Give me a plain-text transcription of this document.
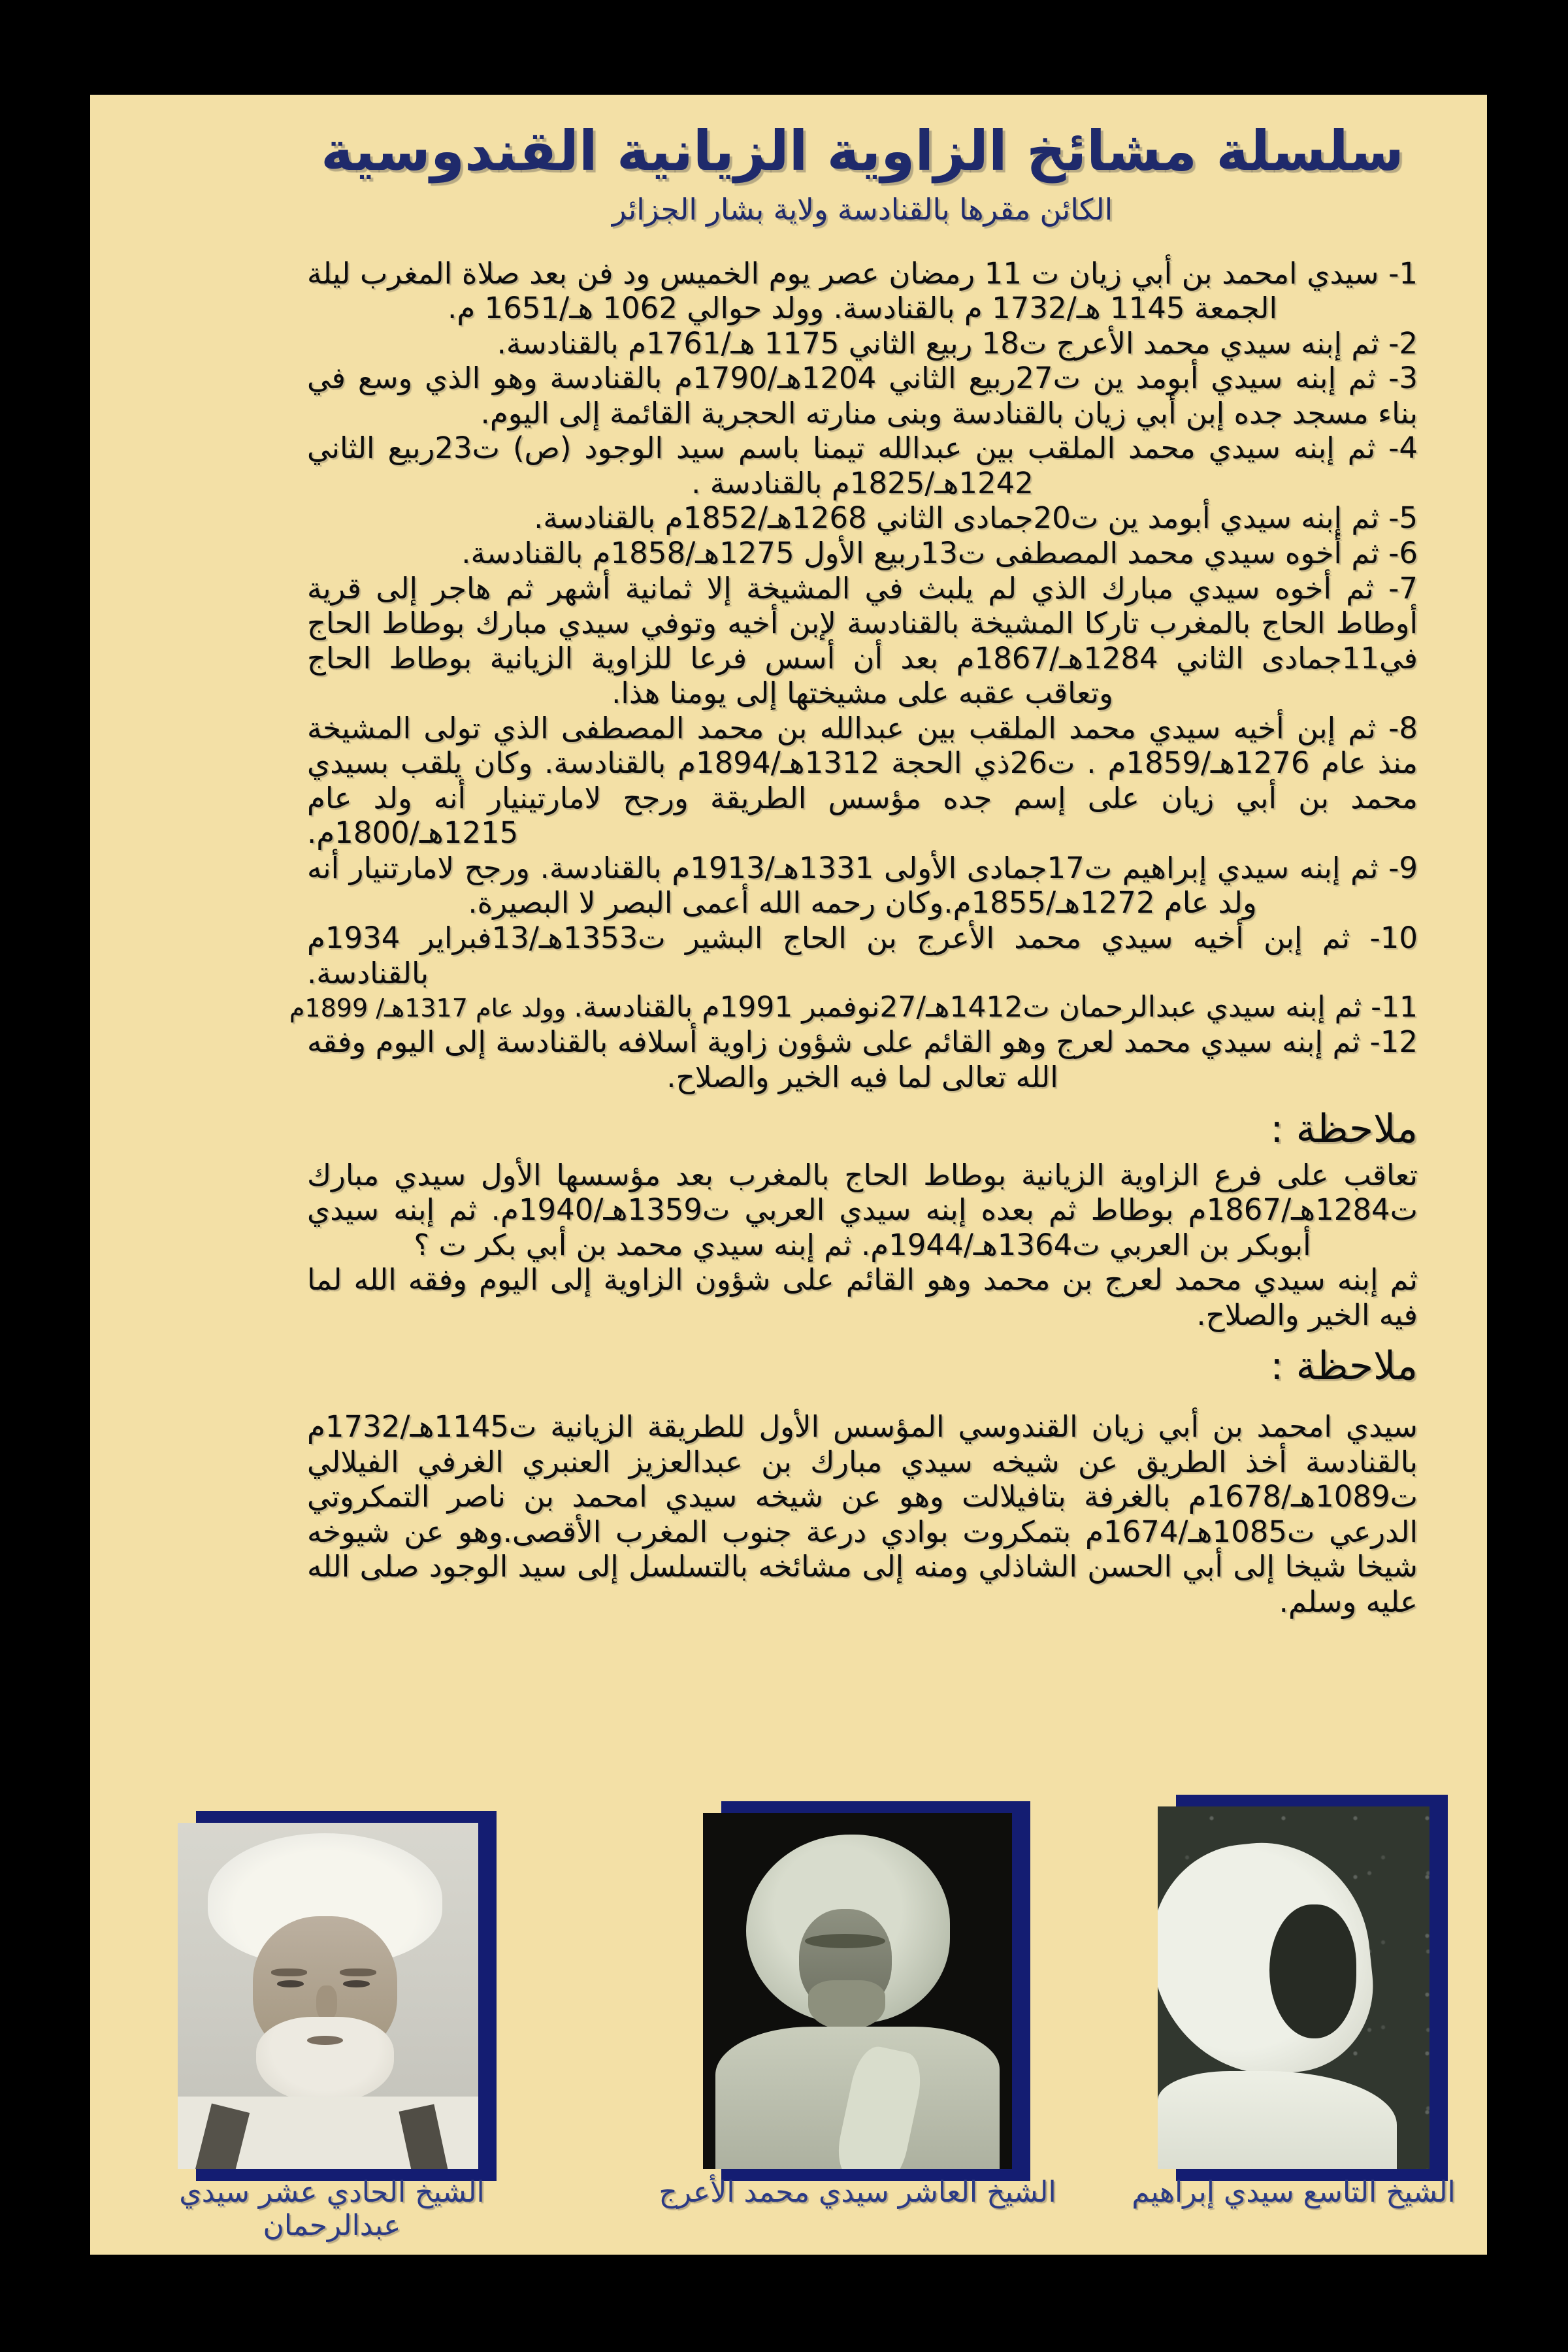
سلسلة مشائخ الزاوية الزيانية القندوسية
الكائن مقرها بالقنادسة ولاية بشار الجزائر

1- سيدي امحمد بن أبي زيان ت 11 رمضان عصر يوم الخميس ود فن بعد صلاة المغرب ليلة الجمعة 1145 هـ/1732 م بالقنادسة. وولد حوالي 1062 هـ/1651 م.

2- ثم إبنه سيدي محمد الأعرج ت18 ربيع الثاني 1175 هـ/1761م بالقنادسة.

3- ثم إبنه سيدي أبومد ين ت27ربيع الثاني 1204هـ/1790م بالقنادسة وهو الذي وسع في بناء مسجد جده إبن أبي زيان بالقنادسة وبنى منارته الحجرية القائمة إلى اليوم.

4- ثم إبنه سيدي محمد الملقب بين عبدالله تيمنا باسم سيد الوجود (ص) ت23ربيع الثاني 1242هـ/1825م بالقنادسة .

5- ثم إبنه سيدي أبومد ين ت20جمادى الثاني 1268هـ/1852م بالقنادسة.

6- ثم أخوه سيدي محمد المصطفى ت13ربيع الأول 1275هـ/1858م بالقنادسة.

7- ثم أخوه سيدي مبارك الذي لم يلبث في المشيخة إلا ثمانية أشهر ثم هاجر إلى قرية أوطاط الحاج بالمغرب تاركا المشيخة بالقنادسة لإبن أخيه وتوفي سيدي مبارك بوطاط الحاج في11جمادى الثاني 1284هـ/1867م بعد أن أسس فرعا للزاوية الزيانية بوطاط الحاج وتعاقب عقبه على مشيختها إلى يومنا هذا.

8- ثم إبن أخيه سيدي محمد الملقب بين عبدالله بن محمد المصطفى الذي تولى المشيخة منذ عام 1276هـ/1859م . ت26ذي الحجة 1312هـ/1894م بالقنادسة. وكان يلقب بسيدي محمد بن أبي زيان على إسم جده مؤسس الطريقة ورجح لامارتينيار أنه ولد عام 1215هـ/1800م.

9- ثم إبنه سيدي إبراهيم ت17جمادى الأولى 1331هـ/1913م بالقنادسة. ورجح لامارتنيار أنه ولد عام 1272هـ/1855م.وكان رحمه الله أعمى البصر لا البصيرة.

10- ثم إبن أخيه سيدي محمد الأعرج بن الحاج البشير ت1353هـ/13فبراير 1934م بالقنادسة.

11- ثم إبنه سيدي عبدالرحمان ت1412هـ/27نوفمبر 1991م بالقنادسة. وولد عام 1317هـ/ 1899م

12- ثم إبنه سيدي محمد لعرج وهو القائم على شؤون زاوية أسلافه بالقنادسة إلى اليوم وفقه الله تعالى لما فيه الخير والصلاح.

ملاحظة :

تعاقب على فرع الزاوية الزيانية بوطاط الحاج بالمغرب بعد مؤسسها الأول سيدي مبارك ت1284هـ/1867م بوطاط ثم بعده إبنه سيدي العربي ت1359هـ/1940م. ثم إبنه سيدي أبوبكر بن العربي ت1364هـ/1944م. ثم إبنه سيدي محمد بن أبي بكر ت ؟

ثم إبنه سيدي محمد لعرج بن محمد وهو القائم على شؤون الزاوية إلى اليوم وفقه الله لما فيه الخير والصلاح.

ملاحظة :

سيدي امحمد بن أبي زيان القندوسي المؤسس الأول للطريقة الزيانية ت1145هـ/1732م بالقنادسة أخذ الطريق عن شيخه سيدي مبارك بن عبدالعزيز العنبري الغرفي الفيلالي ت1089هـ/1678م بالغرفة بتافيلالت وهو عن شيخه سيدي امحمد بن ناصر التمكروتي الدرعي ت1085هـ/1674م بتمكروت بوادي درعة جنوب المغرب الأقصى.وهو عن شيوخه شيخا شيخا إلى أبي الحسن الشاذلي ومنه إلى مشائخه بالتسلسل إلى سيد الوجود صلى الله عليه وسلم.

الشيخ الحادي عشر سيدي عبدالرحمان
الشيخ العاشر سيدي محمد الأعرج	الشيخ التاسع سيدي إبراهيم
